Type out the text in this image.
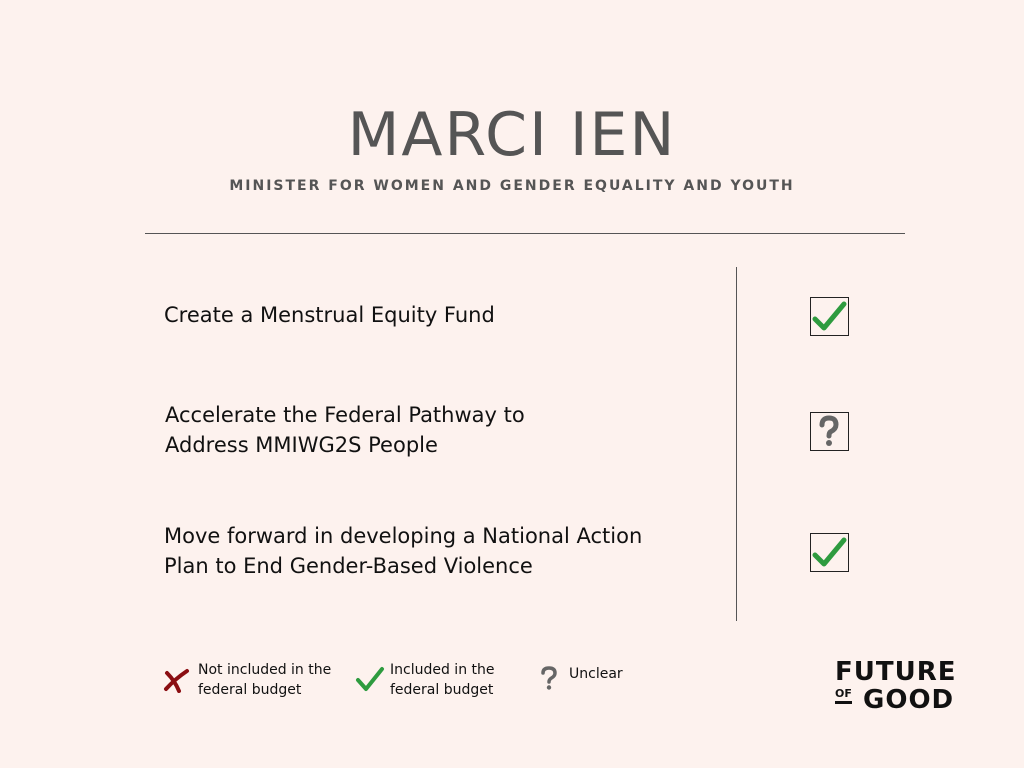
MARCI IEN
MINISTER FOR WOMEN AND GENDER EQUALITY AND YOUTH
Create a Menstrual Equity Fund
Accelerate the Federal Pathway to
Address MMIWG2S People
Move forward in developing a National Action
Plan to End Gender-Based Violence
Not included in the
federal budget
Included in the
federal budget
Unclear	FUTURE
OF GOOD
